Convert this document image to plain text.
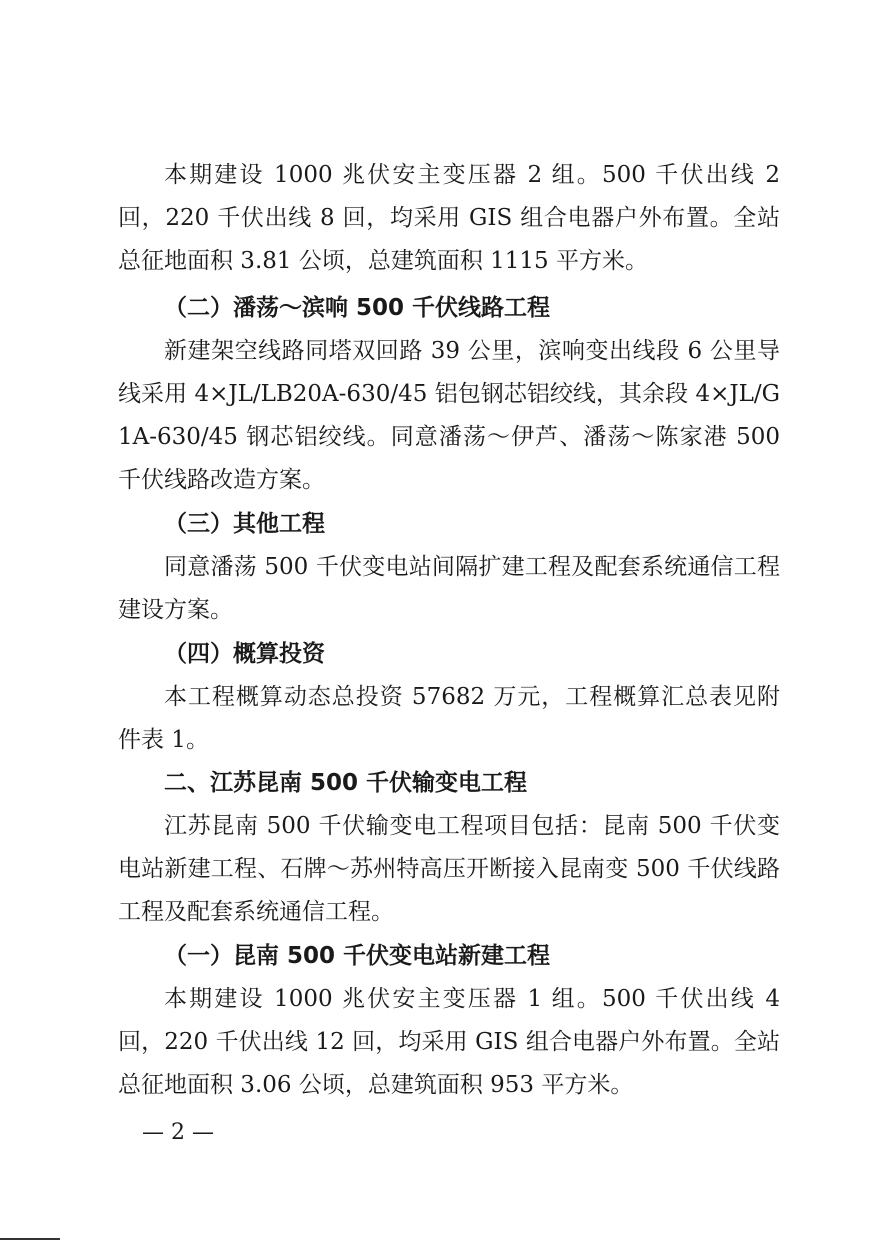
本期建设 1000 兆伏安主变压器 2 组。500 千伏出线 2 回，220 千伏出线 8 回，均采用 GIS 组合电器户外布置。全站总征地面积 3.81 公顷，总建筑面积 1115 平方米。

（二）潘荡～滨响 500 千伏线路工程

新建架空线路同塔双回路 39 公里，滨响变出线段 6 公里导线采用 4×JL/LB20A-630/45 铝包钢芯铝绞线，其余段 4×JL/G1A-630/45 钢芯铝绞线。同意潘荡～伊芦、潘荡～陈家港 500 千伏线路改造方案。

（三）其他工程

同意潘荡 500 千伏变电站间隔扩建工程及配套系统通信工程建设方案。

（四）概算投资

本工程概算动态总投资 57682 万元，工程概算汇总表见附件表 1。

二、江苏昆南 500 千伏输变电工程

江苏昆南 500 千伏输变电工程项目包括：昆南 500 千伏变电站新建工程、石牌～苏州特高压开断接入昆南变 500 千伏线路工程及配套系统通信工程。

（一）昆南 500 千伏变电站新建工程

本期建设 1000 兆伏安主变压器 1 组。500 千伏出线 4 回，220 千伏出线 12 回，均采用 GIS 组合电器户外布置。全站总征地面积 3.06 公顷，总建筑面积 953 平方米。

— 2 —
